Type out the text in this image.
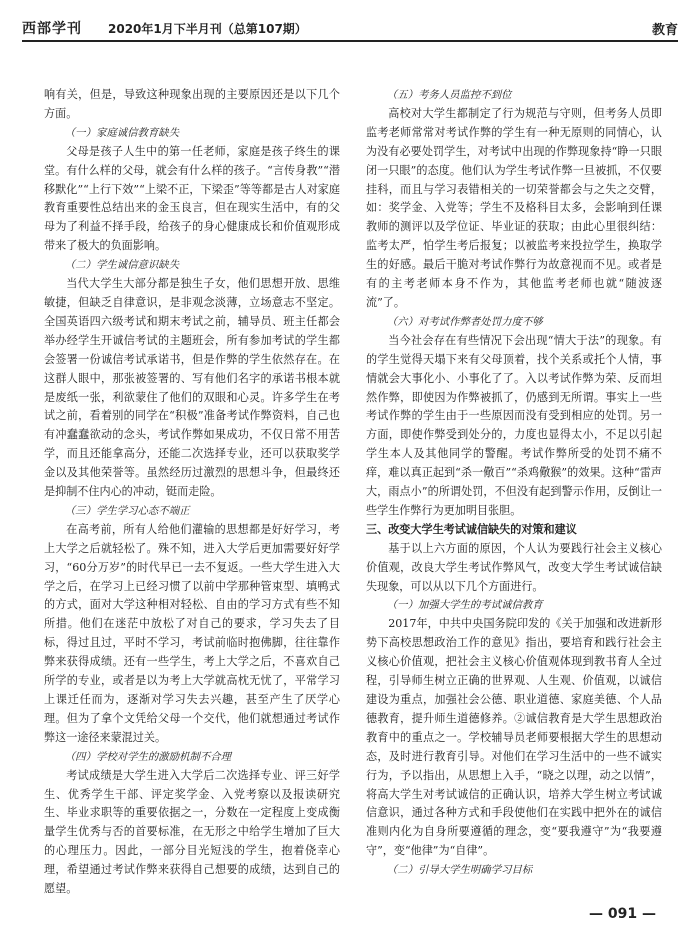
西部学刊 2020年1月下半月刊（总第107期）	教育

响有关，但是，导致这种现象出现的主要原因还是以下几个方面。

（一）家庭诚信教育缺失

父母是孩子人生中的第一任老师，家庭是孩子终生的课堂。有什么样的父母，就会有什么样的孩子。“言传身教”“潜移默化”“上行下效”“上梁不正，下梁歪”等等都是古人对家庭教育重要性总结出来的金玉良言，但在现实生活中，有的父母为了利益不择手段，给孩子的身心健康成长和价值观形成带来了极大的负面影响。

（二）学生诚信意识缺失

当代大学生大部分都是独生子女，他们思想开放、思维敏捷，但缺乏自律意识，是非观念淡薄，立场意志不坚定。全国英语四六级考试和期末考试之前，辅导员、班主任都会举办经学生开诚信考试的主题班会，所有参加考试的学生都会签署一份诚信考试承诺书，但是作弊的学生依然存在。在这群人眼中，那张被签署的、写有他们名字的承诺书根本就是废纸一张，利欲蒙住了他们的双眼和心灵。许多学生在考试之前，看着别的同学在“积极”准备考试作弊资料，自己也有冲蠢蠢欲动的念头，考试作弊如果成功，不仅日常不用苦学，而且还能拿高分，还能二次选择专业，还可以获取奖学金以及其他荣誉等。虽然经历过激烈的思想斗争，但最终还是抑制不住内心的冲动，铤而走险。

（三）学生学习心态不端正

在高考前，所有人给他们灌输的思想都是好好学习，考上大学之后就轻松了。殊不知，进入大学后更加需要好好学习，“60分万岁”的时代早已一去不复返。一些大学生进入大学之后，在学习上已经习惯了以前中学那种管束型、填鸭式的方式，面对大学这种相对轻松、自由的学习方式有些不知所措。他们在迷茫中放松了对自己的要求，学习失去了目标，得过且过，平时不学习，考试前临时抱佛脚，往往靠作弊来获得成绩。还有一些学生，考上大学之后，不喜欢自己所学的专业，或者是以为考上大学就高枕无忧了，平常学习上课迁任而为，逐渐对学习失去兴趣，甚至产生了厌学心理。但为了拿个文凭给父母一个交代，他们就想通过考试作弊这一途径来蒙混过关。

（四）学校对学生的激励机制不合理

考试成绩是大学生进入大学后二次选择专业、评三好学生、优秀学生干部、评定奖学金、入党考察以及报读研究生、毕业求职等的重要依据之一，分数在一定程度上变成衡量学生优秀与否的首要标准，在无形之中给学生增加了巨大的心理压力。因此，一部分目光短浅的学生，抱着侥幸心理，希望通过考试作弊来获得自己想要的成绩，达到自己的愿望。

（五）考务人员监控不到位

高校对大学生都制定了行为规范与守则，但考务人员即监考老师常常对考试作弊的学生有一种无原则的同情心，认为没有必要处罚学生，对考试中出现的作弊现象持“睁一只眼闭一只眼”的态度。他们认为学生考试作弊一旦被抓，不仅要挂科，而且与学习表错相关的一切荣誉都会与之失之交臂，如：奖学金、入党等；学生不及格科目太多，会影响到任课教师的测评以及学位证、毕业证的获取；由此心里很纠结：监考太严，怕学生考后报复；以被监考来投拉学生，换取学生的好感。最后干脆对考试作弊行为故意视而不见。或者是有的主考老师本身不作为，其他监考老师也就“随波逐流”了。

（六）对考试作弊者处罚力度不够

当今社会存在有些情况下会出现“情大于法”的现象。有的学生觉得天塌下来有父母顶着，找个关系或托个人情，事情就会大事化小、小事化了了。入以考试作弊为荣、反而坦然作弊，即使因为作弊被抓了，仍感到无所谓。事实上一些考试作弊的学生由于一些原因而没有受到相应的处罚。另一方面，即使作弊受到处分的，力度也显得太小，不足以引起学生本人及其他同学的警醒。考试作弊所受的处罚不痛不痒，难以真正起到“杀一儆百”“杀鸡儆猴”的效果。这种“雷声大，雨点小”的所谓处罚，不但没有起到警示作用，反倒让一些学生作弊行为更加明目张胆。

三、改变大学生考试诚信缺失的对策和建议

基于以上六方面的原因，个人认为要践行社会主义核心价值观，改良大学生考试作弊风气，改变大学生考试诚信缺失现象，可以从以下几个方面进行。

（一）加强大学生的考试诚信教育

2017年，中共中央国务院印发的《关于加强和改进新形势下高校思想政治工作的意见》指出，要培育和践行社会主义核心价值观，把社会主义核心价值观体现到教书育人全过程，引导师生树立正确的世界观、人生观、价值观，以诚信建设为重点，加强社会公德、职业道德、家庭美德、个人品德教育，提升师生道德修养。②诚信教育是大学生思想政治教育中的重点之一。学校辅导员老师要根据大学生的思想动态，及时进行教育引导。对他们在学习生活中的一些不诚实行为，予以指出，从思想上入手，“晓之以理，动之以情”，将高大学生对考试诚信的正确认识，培养大学生树立考试诚信意识，通过各种方式和手段使他们在实践中把外在的诚信准则内化为自身所要遵循的理念，变“要我遵守”为“我要遵守”，变“他律”为“自律”。

（二）引导大学生明确学习目标
— 091 —
